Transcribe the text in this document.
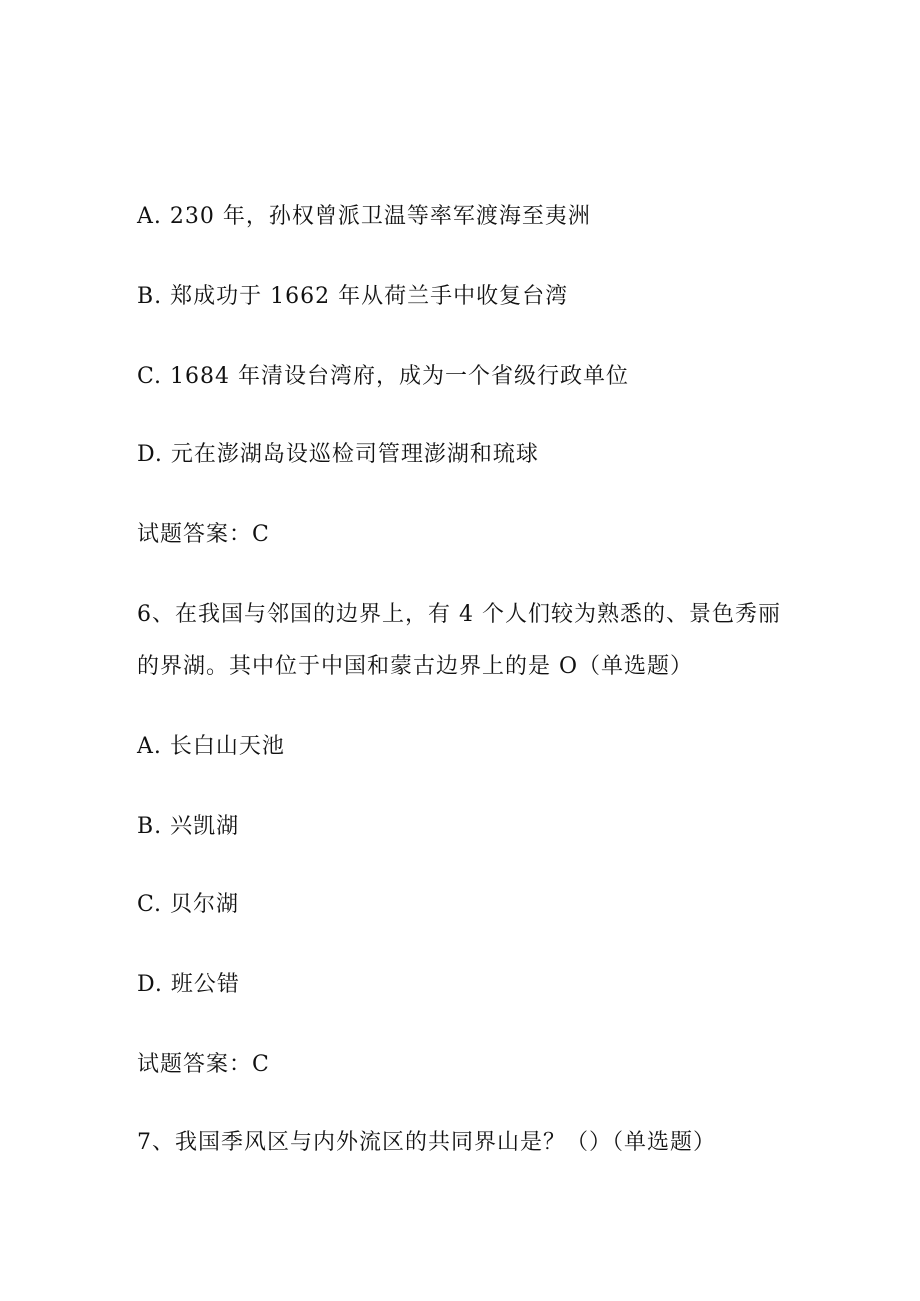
A. 230 年，孙权曾派卫温等率军渡海至夷洲

B. 郑成功于 1662 年从荷兰手中收复台湾

C. 1684 年清设台湾府，成为一个省级行政单位

D. 元在澎湖岛设巡检司管理澎湖和琉球

试题答案：C

6、在我国与邻国的边界上，有 4 个人们较为熟悉的、景色秀丽

的界湖。其中位于中国和蒙古边界上的是 O（单选题）

A. 长白山天池

B. 兴凯湖

C. 贝尔湖

D. 班公错

试题答案：C

7、我国季风区与内外流区的共同界山是？（）（单选题）
